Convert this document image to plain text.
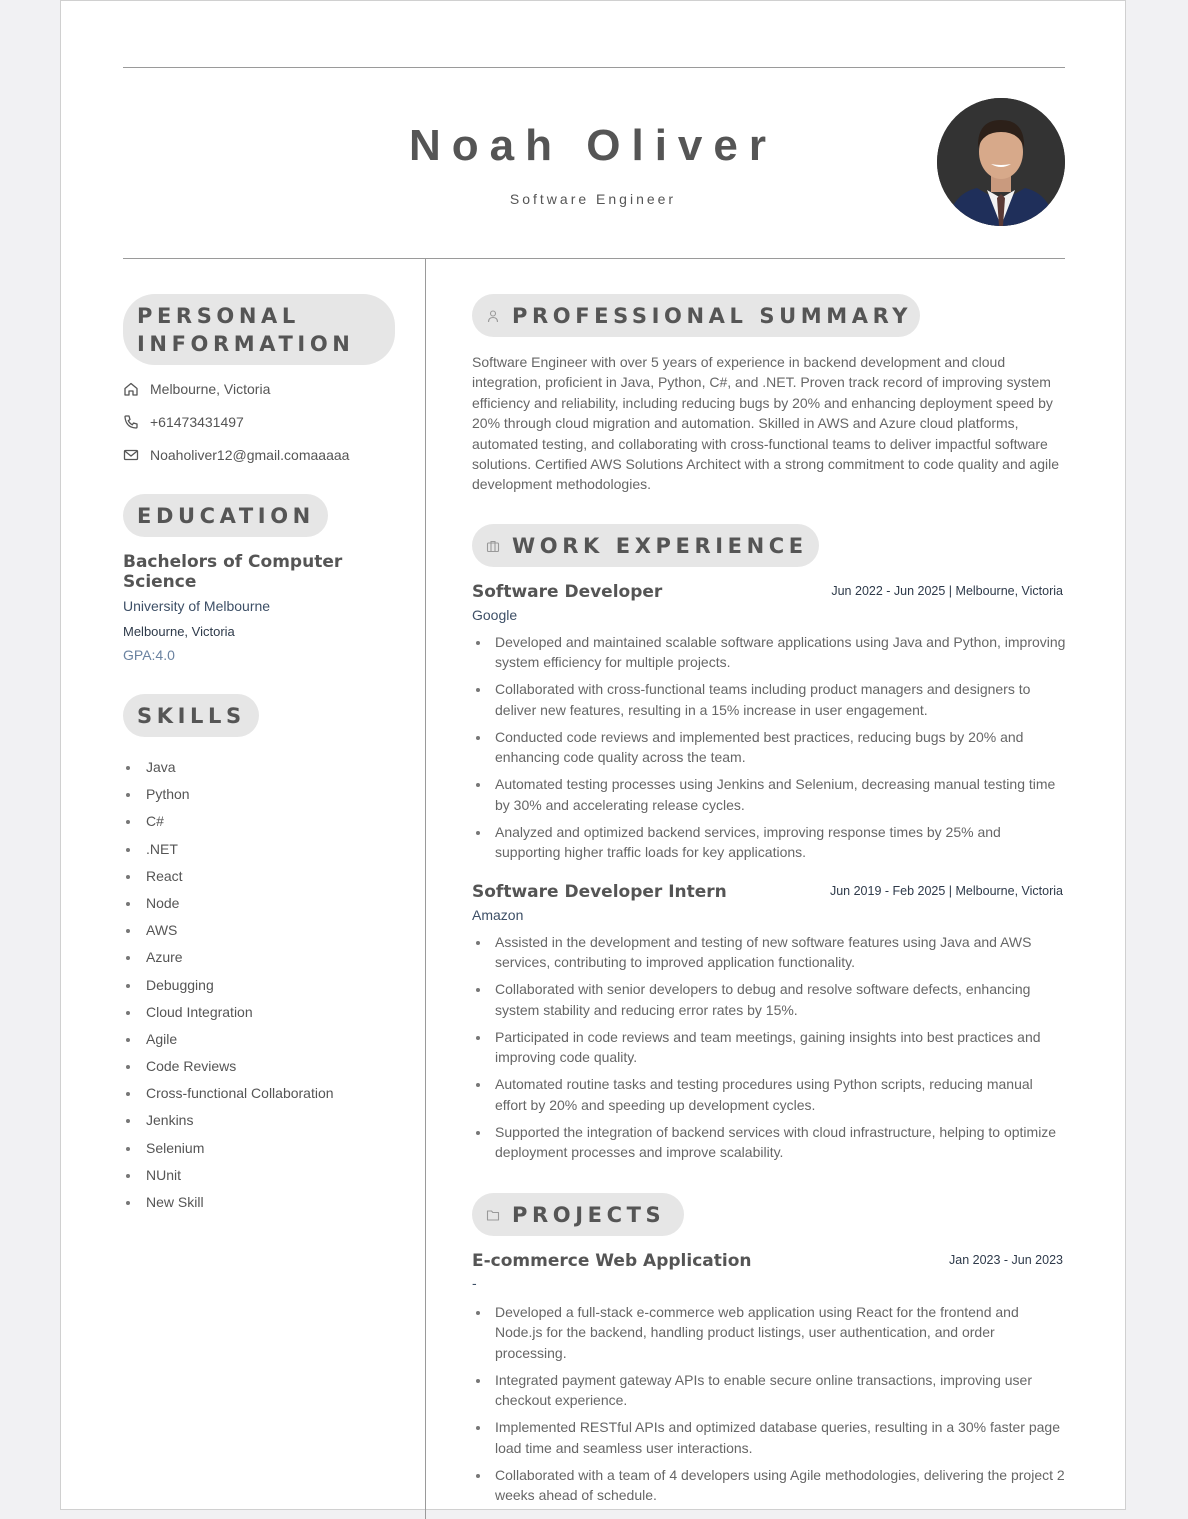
Noah Oliver
Software Engineer
PERSONAL INFORMATION
Melbourne, Victoria
+61473431497
Noaholiver12@gmail.comaaaaa
EDUCATION
Bachelors of Computer Science
University of Melbourne
Melbourne, Victoria
GPA:4.0
SKILLS
Java
Python
C#
.NET
React
Node
AWS
Azure
Debugging
Cloud Integration
Agile
Code Reviews
Cross-functional Collaboration
Jenkins
Selenium
NUnit
New Skill
PROFESSIONAL SUMMARY
Software Engineer with over 5 years of experience in backend development and cloud integration, proficient in Java, Python, C#, and .NET. Proven track record of improving system efficiency and reliability, including reducing bugs by 20% and enhancing deployment speed by 20% through cloud migration and automation. Skilled in AWS and Azure cloud platforms, automated testing, and collaborating with cross-functional teams to deliver impactful software solutions. Certified AWS Solutions Architect with a strong commitment to code quality and agile development methodologies.
WORK EXPERIENCE
Software Developer	Jun 2022 - Jun 2025 | Melbourne, Victoria
Google
Developed and maintained scalable software applications using Java and Python, improving system efficiency for multiple projects.
Collaborated with cross-functional teams including product managers and designers to deliver new features, resulting in a 15% increase in user engagement.
Conducted code reviews and implemented best practices, reducing bugs by 20% and enhancing code quality across the team.
Automated testing processes using Jenkins and Selenium, decreasing manual testing time by 30% and accelerating release cycles.
Analyzed and optimized backend services, improving response times by 25% and supporting higher traffic loads for key applications.
Software Developer Intern	Jun 2019 - Feb 2025 | Melbourne, Victoria
Amazon
Assisted in the development and testing of new software features using Java and AWS services, contributing to improved application functionality.
Collaborated with senior developers to debug and resolve software defects, enhancing system stability and reducing error rates by 15%.
Participated in code reviews and team meetings, gaining insights into best practices and improving code quality.
Automated routine tasks and testing procedures using Python scripts, reducing manual effort by 20% and speeding up development cycles.
Supported the integration of backend services with cloud infrastructure, helping to optimize deployment processes and improve scalability.
PROJECTS
E-commerce Web Application	Jan 2023 - Jun 2023
-
Developed a full-stack e-commerce web application using React for the frontend and Node.js for the backend, handling product listings, user authentication, and order processing.
Integrated payment gateway APIs to enable secure online transactions, improving user checkout experience.
Implemented RESTful APIs and optimized database queries, resulting in a 30% faster page load time and seamless user interactions.
Collaborated with a team of 4 developers using Agile methodologies, delivering the project 2 weeks ahead of schedule.
